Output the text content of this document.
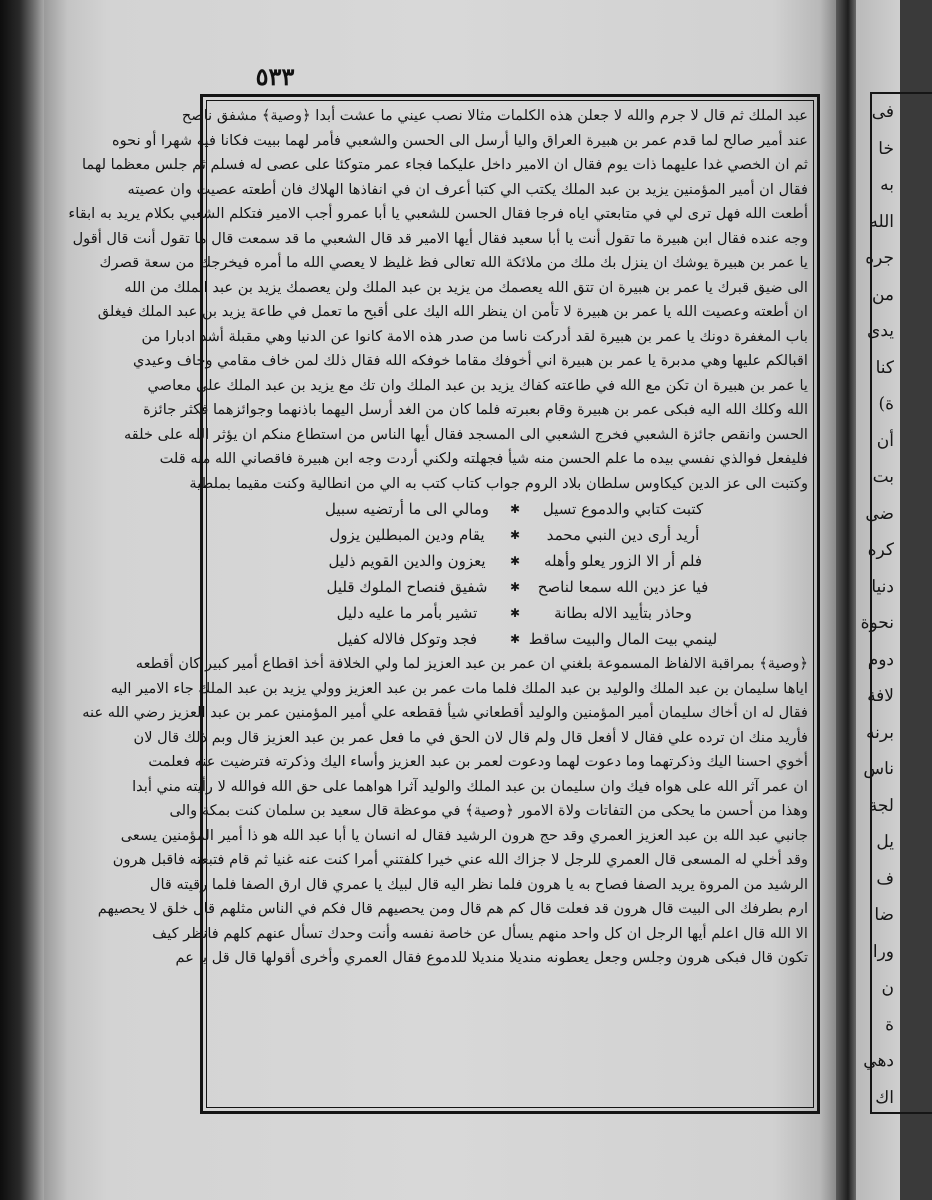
فى
خا
به
الله
جره
من
يدى
كنا
ة)
أن
بت
ضى
كره
دنيا
نحوة
دوم
لافة
برنه
ناس
لجة
يل
ف
ضا
ورا
ن
ة
دهي
اك
٥٣٣
عبد الملك ثم قال لا جرم والله لا جعلن هذه الكلمات مثالا نصب عيني ما عشت أبدا ﴿وصية﴾ مشفق ناصح
عند أمير صالح لما قدم عمر بن هبيرة العراق واليا أرسل الى الحسن والشعبي فأمر لهما ببيت فكانا فيه شهرا أو نحوه
ثم ان الخصي غدا عليهما ذات يوم فقال ان الامير داخل عليكما فجاء عمر متوكئا على عصى له فسلم ثم جلس معظما لهما
فقال ان أمير المؤمنين يزيد بن عبد الملك يكتب الي كتبا أعرف ان في انفاذها الهلاك فان أطعته عصيت وان عصيته
أطعت الله فهل ترى لي في متابعتي اياه فرجا فقال الحسن للشعبي يا أبا عمرو أجب الامير فتكلم الشعبي بكلام يريد به ابقاء
وجه عنده فقال ابن هبيرة ما تقول أنت يا أبا سعيد فقال أيها الامير قد قال الشعبي ما قد سمعت قال ما تقول أنت قال أقول
يا عمر بن هبيرة يوشك ان ينزل بك ملك من ملائكة الله تعالى فظ غليظ لا يعصي الله ما أمره فيخرجك من سعة قصرك
الى ضيق قبرك يا عمر بن هبيرة ان تتق الله يعصمك من يزيد بن عبد الملك ولن يعصمك يزيد بن عبد الملك من الله
ان أطعته وعصيت الله يا عمر بن هبيرة لا تأمن ان ينظر الله اليك على أقبح ما تعمل في طاعة يزيد بن عبد الملك فيغلق
باب المغفرة دونك يا عمر بن هبيرة لقد أدركت ناسا من صدر هذه الامة كانوا عن الدنيا وهي مقبلة أشد ادبارا من
اقبالكم عليها وهي مدبرة يا عمر بن هبيرة اني أخوفك مقاما خوفكه الله فقال ذلك لمن خاف مقامي وخاف وعيدي
يا عمر بن هبيرة ان تكن مع الله في طاعته كفاك يزيد بن عبد الملك وان تك مع يزيد بن عبد الملك على معاصي
الله وكلك الله اليه فبكى عمر بن هبيرة وقام بعبرته فلما كان من الغد أرسل اليهما باذنهما وجوائزهما فكثر جائزة
الحسن وانقص جائزة الشعبي فخرج الشعبي الى المسجد فقال أيها الناس من استطاع منكم ان يؤثر الله على خلقه
فليفعل فوالذي نفسي بيده ما علم الحسن منه شيأ فجهلته ولكني أردت وجه ابن هبيرة فاقصاني الله منه قلت
وكتبت الى عز الدين كيكاوس سلطان بلاد الروم جواب كتاب كتب به الي من انطالية وكنت مقيما بملطية
كتبت كتابي والدموع تسيل
✱
ومالي الى ما أرتضيه سبيل
أريد أرى دين النبي محمد
✱
يقام ودين المبطلين يزول
فلم أر الا الزور يعلو وأهله
✱
يعزون والدين القويم ذليل
فيا عز دين الله سمعا لناصح
✱
شفيق فنصاح الملوك قليل
وحاذر بتأييد الاله بطانة
✱
تشير بأمر ما عليه دليل
لينمي بيت المال والبيت ساقط
✱
فجد وتوكل فالاله كفيل
﴿وصية﴾ بمراقبة الالفاظ المسموعة بلغني ان عمر بن عبد العزيز لما ولي الخلافة أخذ اقطاع أمير كبير كان أقطعه
اياها سليمان بن عبد الملك والوليد بن عبد الملك فلما مات عمر بن عبد العزيز وولي يزيد بن عبد الملك جاء الامير اليه
فقال له ان أخاك سليمان أمير المؤمنين والوليد أقطعاني شيأ فقطعه علي أمير المؤمنين عمر بن عبد العزيز رضي الله عنه
فأريد منك ان ترده علي فقال لا أفعل قال ولم قال لان الحق في ما فعل عمر بن عبد العزيز قال وبم ذلك قال لان
أخوي احسنا اليك وذكرتهما وما دعوت لهما ودعوت لعمر بن عبد العزيز وأساء اليك وذكرته فترضيت عنه فعلمت
ان عمر آثر الله على هواه فيك وان سليمان بن عبد الملك والوليد آثرا هواهما على حق الله فوالله لا رأيته مني أبدا
وهذا من أحسن ما يحكى من التفاتات ولاة الامور ﴿وصية﴾ في موعظة قال سعيد بن سلمان كنت بمكة والى
جانبي عبد الله بن عبد العزيز العمري وقد حج هرون الرشيد فقال له انسان يا أبا عبد الله هو ذا أمير المؤمنين يسعى
وقد أخلي له المسعى قال العمري للرجل لا جزاك الله عني خيرا كلفتني أمرا كنت عنه غنيا ثم قام فتبعته فاقبل هرون
الرشيد من المروة يريد الصفا فصاح به يا هرون فلما نظر اليه قال لبيك يا عمري قال ارق الصفا فلما رقيته قال
ارم بطرفك الى البيت قال هرون قد فعلت قال كم هم قال ومن يحصيهم قال فكم في الناس مثلهم قال خلق لا يحصيهم
الا الله قال اعلم أيها الرجل ان كل واحد منهم يسأل عن خاصة نفسه وأنت وحدك تسأل عنهم كلهم فانظر كيف
تكون قال فبكى هرون وجلس وجعل يعطونه منديلا منديلا للدموع فقال العمري وأخرى أقولها قال قل يا عم
